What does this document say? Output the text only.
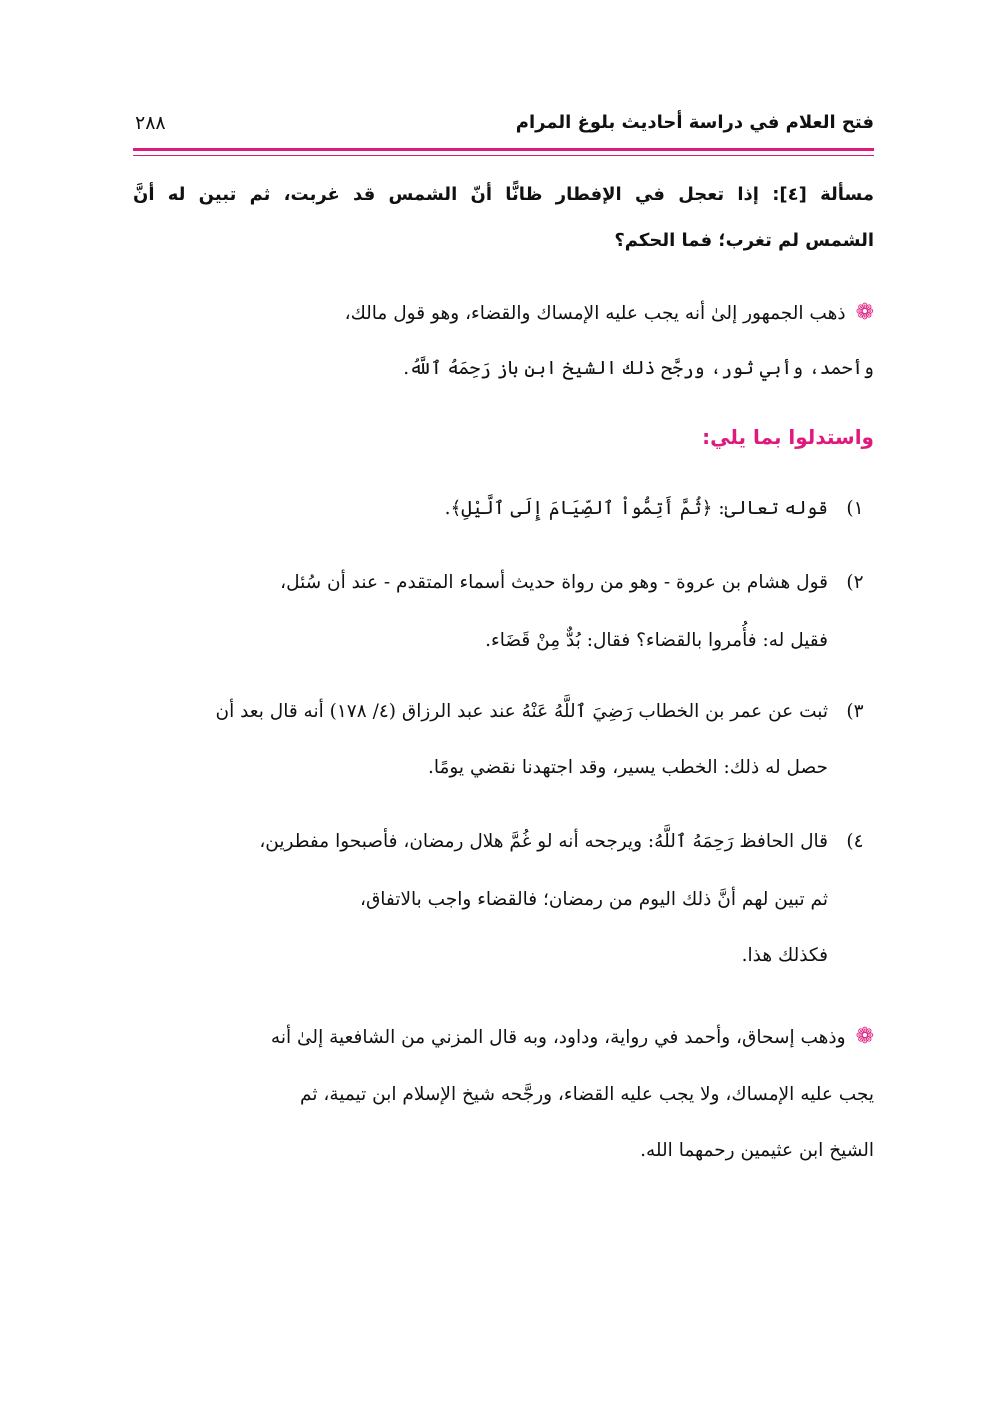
فتح العلام في دراسة أحاديث بلوغ المرام
٢٨٨
مسألة [٤]: إذا تعجل في الإفطار ظانًّا أنّ الشمس قد غربت، ثم تبين له أنَّ
الشمس لم تغرب؛ فما الحكم؟
❁ذهب الجمهور إلىٰ أنه يجب عليه الإمساك والقضاء، وهو قول مالك،
وأحمد، وأبي ثور، ورجَّح ذلك الشيخ ابن باز رَحِمَهُ ٱللَّهُ.
واستدلوا بما يلي:
١)
قوله تعالىٰ: ﴿ثُمَّ أَتِمُّواْ ٱلصِّيَامَ إِلَى ٱلَّيْلِ﴾.
٢)
قول هشام بن عروة - وهو من رواة حديث أسماء المتقدم - عند أن سُئل،
فقيل له: فأُمروا بالقضاء؟ فقال: بُدٌّ مِنْ قَضَاء.
٣)
ثبت عن عمر بن الخطاب رَضِيَ ٱللَّهُ عَنْهُ عند عبد الرزاق (٤/ ١٧٨) أنه قال بعد أن
حصل له ذلك: الخطب يسير، وقد اجتهدنا نقضي يومًا.
٤)
قال الحافظ رَحِمَهُ ٱللَّهُ: ويرجحه أنه لو غُمَّ هلال رمضان، فأصبحوا مفطرين،
ثم تبين لهم أنَّ ذلك اليوم من رمضان؛ فالقضاء واجب بالاتفاق،
فكذلك هذا.
❁وذهب إسحاق، وأحمد في رواية، وداود، وبه قال المزني من الشافعية إلىٰ أنه
يجب عليه الإمساك، ولا يجب عليه القضاء، ورجَّحه شيخ الإسلام ابن تيمية، ثم
الشيخ ابن عثيمين رحمهما الله.
